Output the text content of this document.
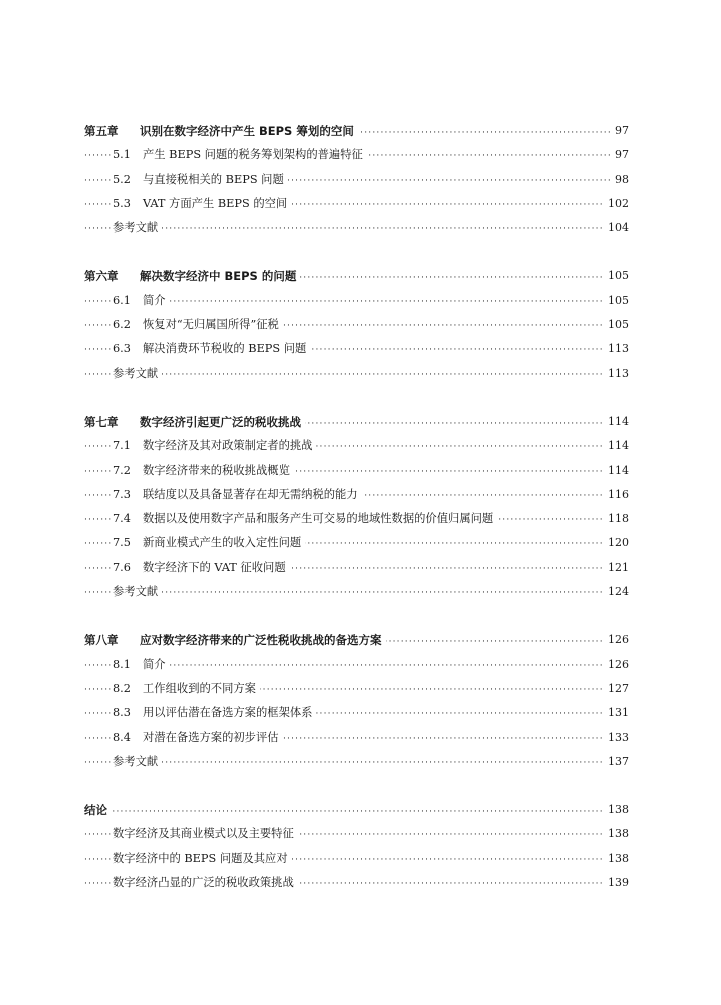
·····
第五章 识别在数字经济中产生 BEPS 筹划的空间	97
·····
5.1 产生 BEPS 问题的税务筹划架构的普遍特征	97
·····
5.2 与直接税相关的 BEPS 问题	98
·····
5.3 VAT 方面产生 BEPS 的空间	102
·····
参考文献	104
·····
第六章 解决数字经济中 BEPS 的问题	105
·····
6.1 简介	105
·····
6.2 恢复对“无归属国所得”征税	105
·····
6.3 解决消费环节税收的 BEPS 问题	113
·····
参考文献	113
·····
第七章 数字经济引起更广泛的税收挑战	114
·····
7.1 数字经济及其对政策制定者的挑战	114
·····
7.2 数字经济带来的税收挑战概览	114
·····
7.3 联结度以及具备显著存在却无需纳税的能力	116
·····
7.4 数据以及使用数字产品和服务产生可交易的地域性数据的价值归属问题	118
·····
7.5 新商业模式产生的收入定性问题	120
·····
7.6 数字经济下的 VAT 征收问题	121
·····
参考文献	124
·····
第八章 应对数字经济带来的广泛性税收挑战的备选方案	126
·····
8.1 简介	126
·····
8.2 工作组收到的不同方案	127
·····
8.3 用以评估潜在备选方案的框架体系	131
·····
8.4 对潜在备选方案的初步评估	133
·····
参考文献	137
·····
结论	138
·····
数字经济及其商业模式以及主要特征	138
·····
数字经济中的 BEPS 问题及其应对	138
·····
数字经济凸显的广泛的税收政策挑战	139
